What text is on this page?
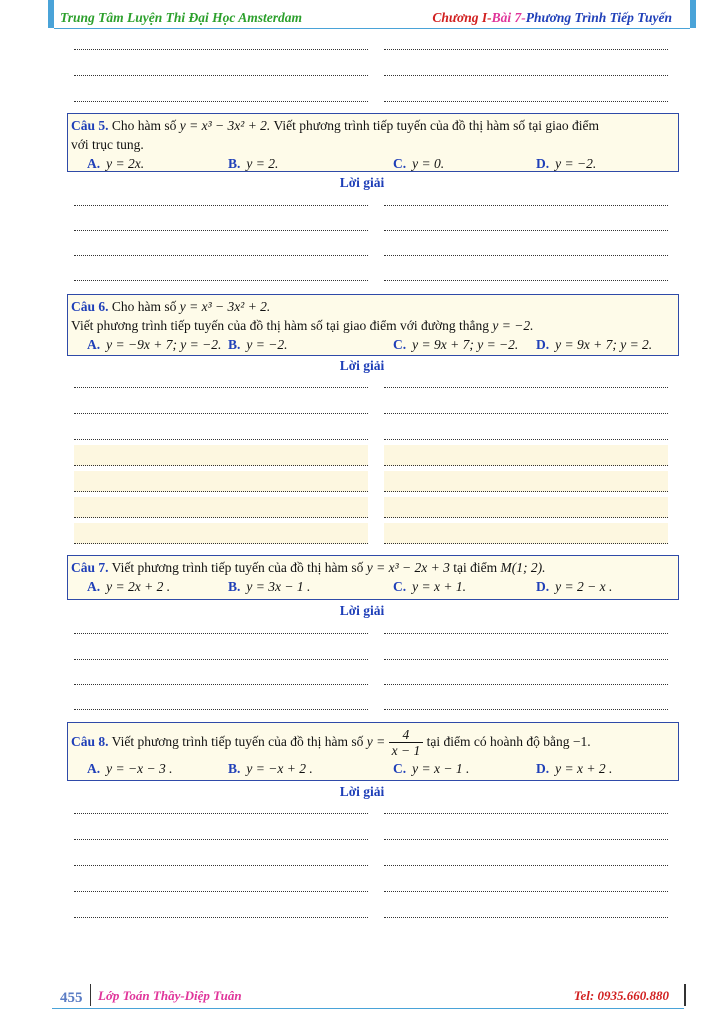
Trung Tâm Luyện Thi Đại Học Amsterdam	Chương I-Bài 7-Phương Trình Tiếp Tuyến
Câu 5. Cho hàm số y = x³ − 3x² + 2. Viết phương trình tiếp tuyến của đồ thị hàm số tại giao điểm
với trục tung.
A. y = 2x.	B. y = 2.	C. y = 0.	D. y = −2.
Lời giải
Câu 6. Cho hàm số y = x³ − 3x² + 2.
Viết phương trình tiếp tuyến của đồ thị hàm số tại giao điểm với đường thẳng y = −2.
A. y = −9x + 7; y = −2. B. y = −2.	C. y = 9x + 7; y = −2. D. y = 9x + 7; y = 2.
Lời giải
Câu 7. Viết phương trình tiếp tuyến của đồ thị hàm số y = x³ − 2x + 3 tại điểm M(1; 2).
A. y = 2x + 2 .	B. y = 3x − 1 .	C. y = x + 1.	D. y = 2 − x .
Lời giải
Câu 8. Viết phương trình tiếp tuyến của đồ thị hàm số $y = \frac{4}{x - 1}$ tại điểm có hoành độ bằng −1.
A. y = −x − 3 .	B. y = −x + 2 .	C. y = x − 1 .	D. y = x + 2 .
Lời giải
455 Lớp Toán Thầy-Diệp Tuân	Tel: 0935.660.880
